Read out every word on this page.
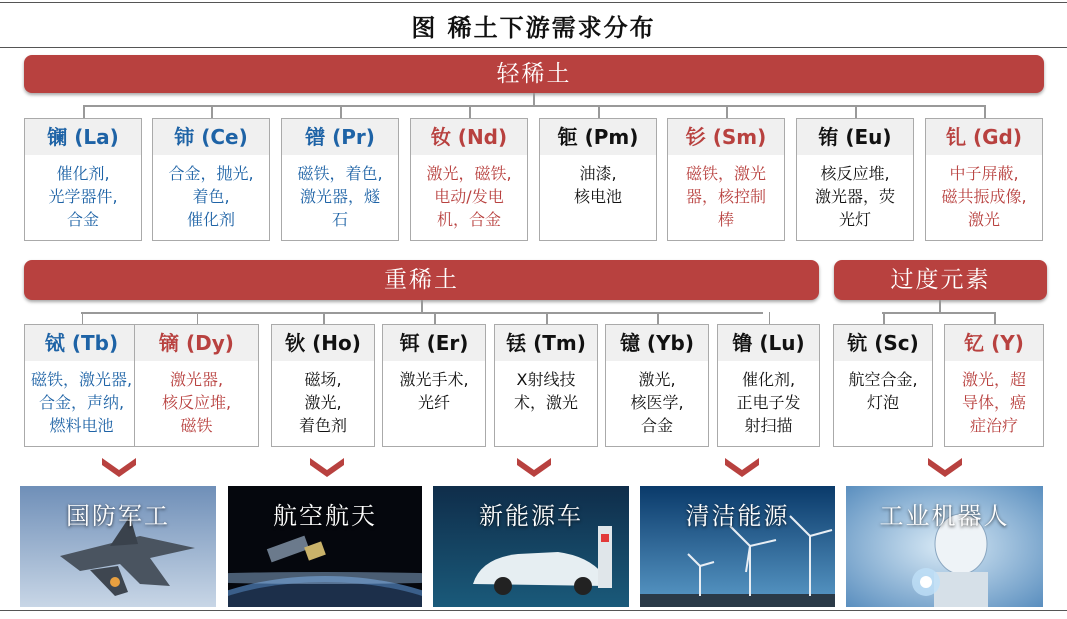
图 稀土下游需求分布
轻稀土
镧 (La)
催化剂,
光学器件,
合金
铈 (Ce)
合金，抛光,
着色,
催化剂
镨 (Pr)
磁铁，着色,
激光器，燧
石
钕 (Nd)
激光，磁铁,
电动/发电
机，合金
钷 (Pm)
油漆,
核电池
钐 (Sm)
磁铁，激光
器，核控制
棒
铕 (Eu)
核反应堆,
激光器，荧
光灯
钆 (Gd)
中子屏蔽,
磁共振成像,
激光
重稀土	过度元素
铽 (Tb)
磁铁，激光器,
合金，声纳,
燃料电池
镝 (Dy)
激光器,
核反应堆,
磁铁
钬 (Ho)
磁场,
激光,
着色剂
铒 (Er)
激光手术,
光纤
铥 (Tm)
X射线技
术，激光
镱 (Yb)
激光,
核医学,
合金
镥 (Lu)
催化剂,
正电子发
射扫描
钪 (Sc)
航空合金,
灯泡
钇 (Y)
激光，超
导体，癌
症治疗
国防军工	航空航天	新能源车	清洁能源	工业机器人
